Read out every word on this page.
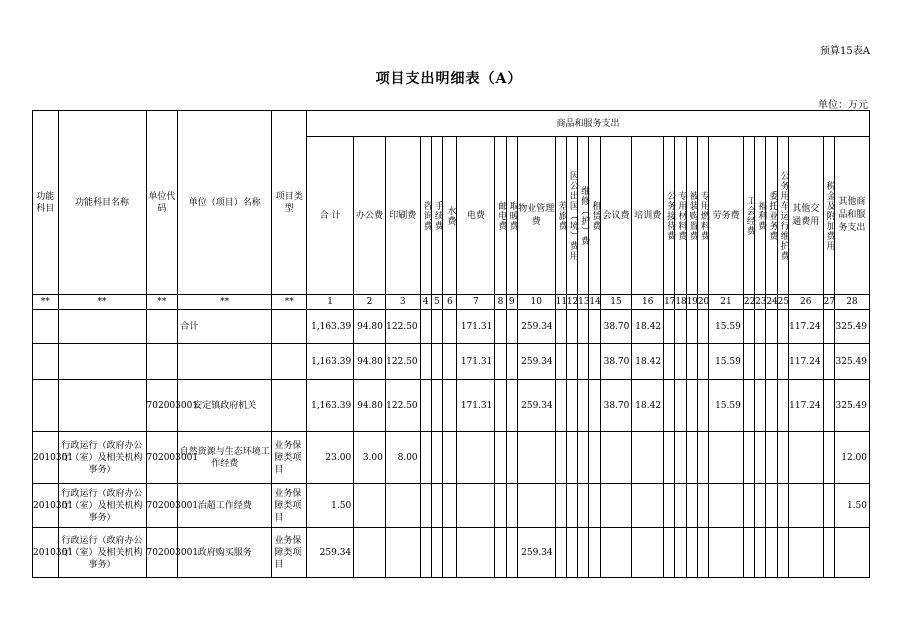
预算15表A
项目支出明细表（A）
单位：万元
功能科目	功能科目名称	单位代码	单位（项目）名称	项目类型	商品和服务支出																											
					合 计	办公费	印刷费	咨询费	手续费	水费	电费	邮电费	取暖费	物业管理费	差旅费	因公出国（境）费用	维修（护）费	租赁费	会议费	培训费	公务接待费	专用材料费	被装购置费	专用燃料费	劳务费	工会经费	福利费	委托业务费	公务用车运行维护费	其他交通费用	税金及附加费用	其他商品和服务支出
**	**	**	**	**	1	2	3	4	5	6	7	8	9	10	11	12	13	14	15	16	17	18	19	20	21	22	23	24	25	26	27	28
			合计		1,163.39	94.80	122.50				171.31			259.34					38.70	18.42					15.59					117.24		325.49
					1,163.39	94.80	122.50				171.31			259.34					38.70	18.42					15.59					117.24		325.49
		702003001	安定镇政府机关		1,163.39	94.80	122.50				171.31			259.34					38.70	18.42					15.59					117.24		325.49
2010301	行政运行（政府办公厅（室）及相关机构事务）	702003001	自然资源与生态环境工作经费	业务保障类项目	23.00	3.00	8.00																									12.00
2010301	行政运行（政府办公厅（室）及相关机构事务）	702003001	治超工作经费	业务保障类项目	1.50																											1.50
2010301	行政运行（政府办公厅（室）及相关机构事务）	702003001	政府购买服务	业务保障类项目	259.34									259.34																		
